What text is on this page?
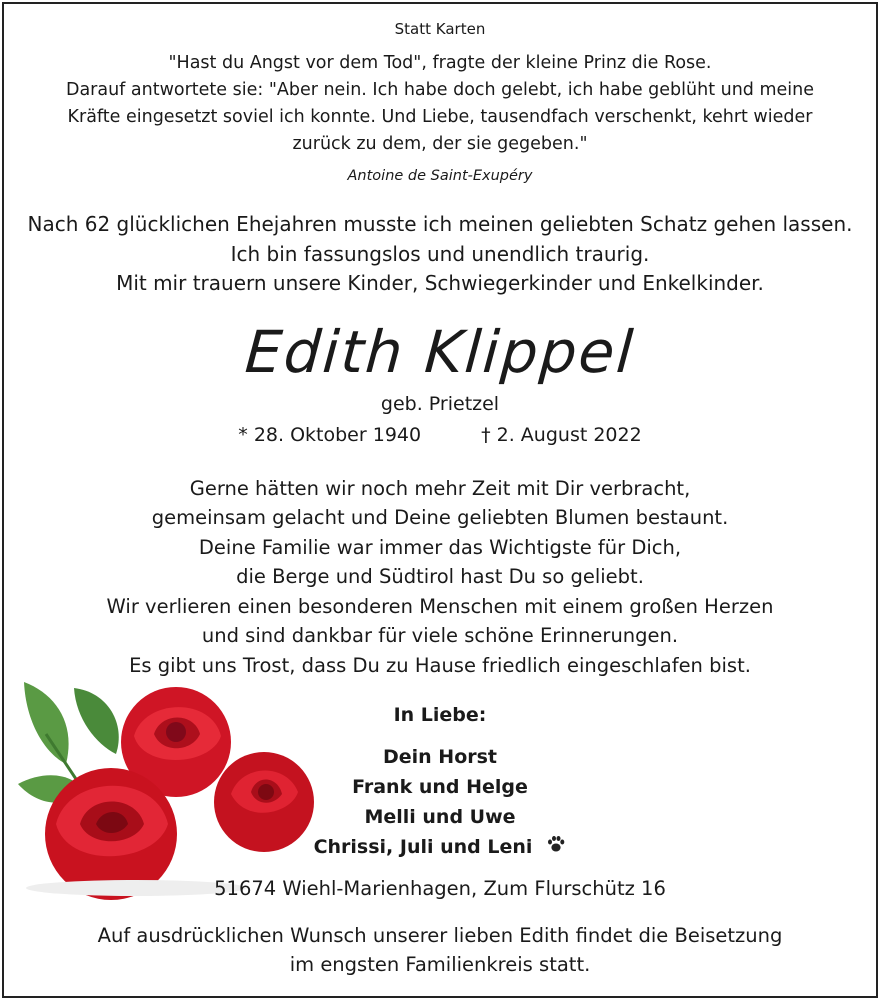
Statt Karten
"Hast du Angst vor dem Tod", fragte der kleine Prinz die Rose.
Darauf antwortete sie: "Aber nein. Ich habe doch gelebt, ich habe geblüht und meine
Kräfte eingesetzt soviel ich konnte. Und Liebe, tausendfach verschenkt, kehrt wieder
zurück zu dem, der sie gegeben."
Antoine de Saint-Exupéry
Nach 62 glücklichen Ehejahren musste ich meinen geliebten Schatz gehen lassen.
Ich bin fassungslos und unendlich traurig.
Mit mir trauern unsere Kinder, Schwiegerkinder und Enkelkinder.
Edith Klippel
geb. Prietzel
* 28. Oktober 1940	† 2. August 2022
Gerne hätten wir noch mehr Zeit mit Dir verbracht,
gemeinsam gelacht und Deine geliebten Blumen bestaunt.
Deine Familie war immer das Wichtigste für Dich,
die Berge und Südtirol hast Du so geliebt.
Wir verlieren einen besonderen Menschen mit einem großen Herzen
und sind dankbar für viele schöne Erinnerungen.
Es gibt uns Trost, dass Du zu Hause friedlich eingeschlafen bist.
In Liebe:
Dein Horst
Frank und Helge
Melli und Uwe
Chrissi, Juli und Leni
51674 Wiehl-Marienhagen, Zum Flurschütz 16
Auf ausdrücklichen Wunsch unserer lieben Edith findet die Beisetzung
im engsten Familienkreis statt.
